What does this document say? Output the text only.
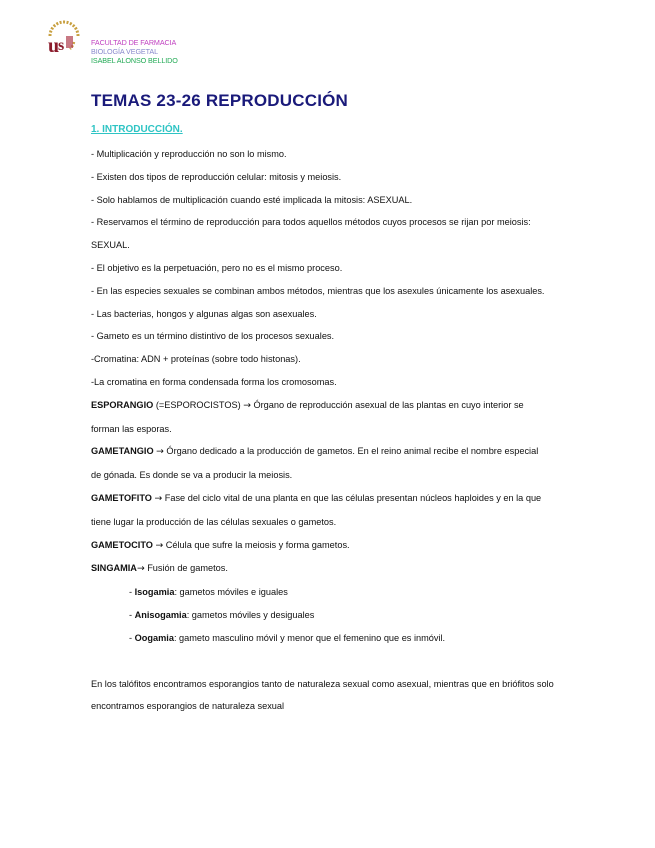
u
s	FACULTAD DE FARMACIA
BIOLOGÍA VEGETAL
ISABEL ALONSO BELLIDO
TEMAS 23-26 REPRODUCCIÓN
1. INTRODUCCIÓN.

- Multiplicación y reproducción no son lo mismo.

- Existen dos tipos de reproducción celular: mitosis y meiosis.

- Solo hablamos de multiplicación cuando esté implicada la mitosis: ASEXUAL.

- Reservamos el término de reproducción para todos aquellos métodos cuyos procesos se rijan por meiosis:

SEXUAL.

- El objetivo es la perpetuación, pero no es el mismo proceso.

- En las especies sexuales se combinan ambos métodos, mientras que los asexules únicamente los asexuales.

- Las bacterias, hongos y algunas algas son asexuales.

- Gameto es un término distintivo de los procesos sexuales.

-Cromatina: ADN + proteínas (sobre todo histonas).

-La cromatina en forma condensada forma los cromosomas.

ESPORANGIO (=ESPOROCISTOS) → Órgano de reproducción asexual de las plantas en cuyo interior se

forman las esporas.

GAMETANGIO → Órgano dedicado a la producción de gametos. En el reino animal recibe el nombre especial

de gónada. Es donde se va a producir la meiosis.

GAMETOFITO → Fase del ciclo vital de una planta en que las células presentan núcleos haploides y en la que

tiene lugar la producción de las células sexuales o gametos.

GAMETOCITO → Célula que sufre la meiosis y forma gametos.

SINGAMIA→ Fusión de gametos.

- Isogamia: gametos móviles e iguales

- Anisogamia: gametos móviles y desiguales

- Oogamia: gameto masculino móvil y menor que el femenino que es inmóvil.

En los talófitos encontramos esporangios tanto de naturaleza sexual como asexual, mientras que en briófitos solo

encontramos esporangios de naturaleza sexual
